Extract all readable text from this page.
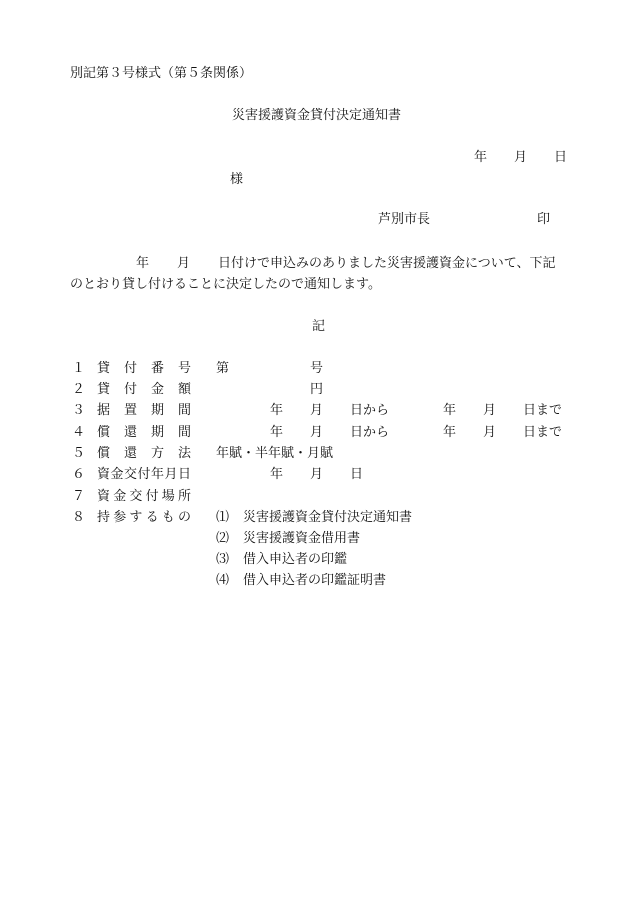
別記第３号様式（第５条関係）
災害援護資金貸付決定通知書
年 月 日
様
芦別市長	印
年 月 日付けで申込みのありました災害援護資金について、下記
のとおり貸し付けることに決定したので通知します。
記
１ 貸付番号 第	号
２ 貸付金額	円
３ 据置期間	年 月 日から	年 月 日まで
４ 償還期間	年 月 日から	年 月 日まで
５ 償還方法 年賦・半年賦・月賦
６ 資金交付年月日	年 月 日
７ 資金交付場所
８ 持参するもの ⑴ 災害援護資金貸付決定通知書
⑵ 災害援護資金借用書
⑶ 借入申込者の印鑑
⑷ 借入申込者の印鑑証明書
